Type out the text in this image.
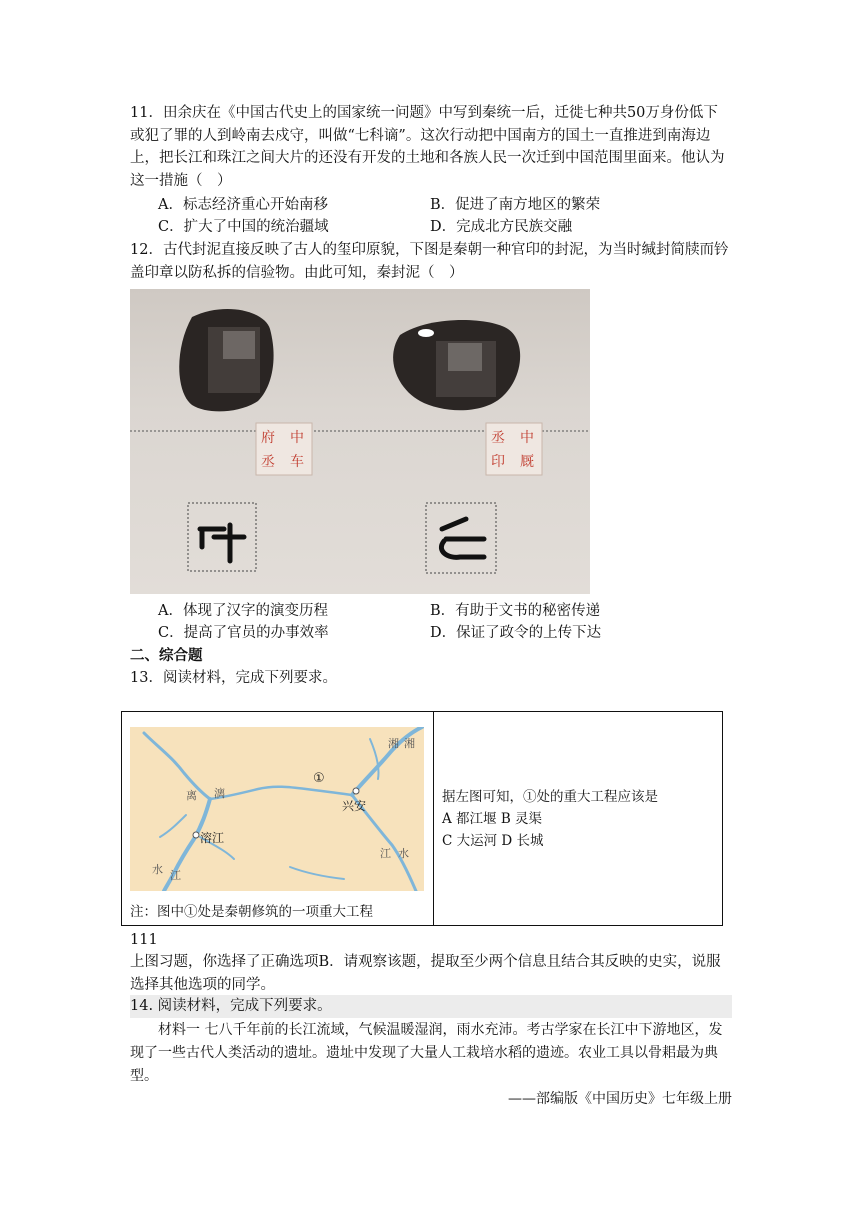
11．田余庆在《中国古代史上的国家统一问题》中写到秦统一后，迁徙七种共50万身份低下或犯了罪的人到岭南去戍守，叫做“七科谪”。这次行动把中国南方的国土一直推进到南海边上，把长江和珠江之间大片的还没有开发的土地和各族人民一次迁到中国范围里面来。他认为这一措施（　）

A．标志经济重心开始南移	B．促进了南方地区的繁荣
C．扩大了中国的统治疆域	D．完成北方民族交融

12．古代封泥直接反映了古人的玺印原貌，下图是秦朝一种官印的封泥，为当时缄封简牍而钤盖印章以防私拆的信验物。由此可知，秦封泥（　）

府 中
丞 车
丞 中
印 厩
A．体现了汉字的演变历程	B．有助于文书的秘密传递
C．提高了官员的办事效率	D．保证了政令的上传下达
二、综合题
13．阅读材料，完成下列要求。
湘 湘
离 漓
①
兴安
溶江
江 水
水 江
注：图中①处是秦朝修筑的一项重大工程
据左图可知，①处的重大工程应该是
A 都江堰 B 灵渠
C 大运河 D 长城
111

上图习题，你选择了正确选项B．请观察该题，提取至少两个信息且结合其反映的史实，说服选择其他选项的同学。

14. 阅读材料，完成下列要求。

材料一 七八千年前的长江流域，气候温暖湿润，雨水充沛。考古学家在长江中下游地区，发现了一些古代人类活动的遗址。遗址中发现了大量人工栽培水稻的遗迹。农业工具以骨耜最为典型。

——部编版《中国历史》七年级上册
